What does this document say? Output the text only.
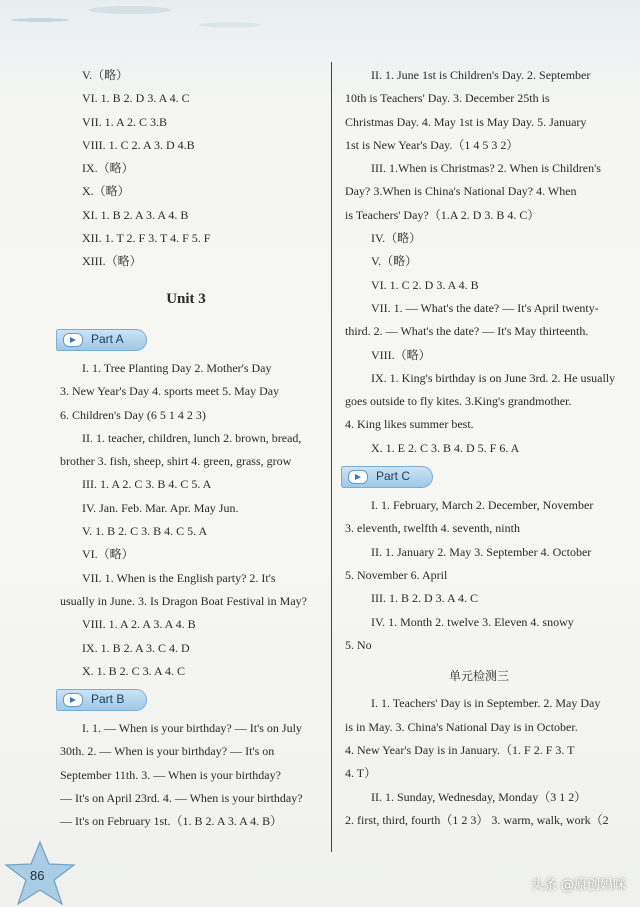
V.（略）
VI. 1. B 2. D 3. A 4. C
VII. 1. A 2. C 3.B
VIII. 1. C 2. A 3. D 4.B
IX.（略）
X.（略）
XI. 1. B 2. A 3. A 4. B
XII. 1. T 2. F 3. T 4. F 5. F
XIII.（略）
Unit 3
Part A
I. 1. Tree Planting Day 2. Mother's Day
3. New Year's Day 4. sports meet 5. May Day
6. Children's Day (6 5 1 4 2 3)
II. 1. teacher, children, lunch 2. brown, bread,
brother 3. fish, sheep, shirt 4. green, grass, grow
III. 1. A 2. C 3. B 4. C 5. A
IV. Jan. Feb. Mar. Apr. May Jun.
V. 1. B 2. C 3. B 4. C 5. A
VI.（略）
VII. 1. When is the English party? 2. It's
usually in June. 3. Is Dragon Boat Festival in May?
VIII. 1. A 2. A 3. A 4. B
IX. 1. B 2. A 3. C 4. D
X. 1. B 2. C 3. A 4. C
Part B
I. 1. — When is your birthday? — It's on July
30th. 2. — When is your birthday? — It's on
September 11th. 3. — When is your birthday?
— It's on April 23rd. 4. — When is your birthday?
— It's on February 1st.（1. B 2. A 3. A 4. B）
II. 1. June 1st is Children's Day. 2. September
10th is Teachers' Day. 3. December 25th is
Christmas Day. 4. May 1st is May Day. 5. January
1st is New Year's Day.（1 4 5 3 2）
III. 1.When is Christmas? 2. When is Children's
Day? 3.When is China's National Day? 4. When
is Teachers' Day?（1.A 2. D 3. B 4. C）
IV.（略）
V.（略）
VI. 1. C 2. D 3. A 4. B
VII. 1. — What's the date? — It's April twenty-
third. 2. — What's the date? — It's May thirteenth.
VIII.（略）
IX. 1. King's birthday is on June 3rd. 2. He usually
goes outside to fly kites. 3.King's grandmother.
4. King likes summer best.
X. 1. E 2. C 3. B 4. D 5. F 6. A
Part C
I. 1. February, March 2. December, November
3. eleventh, twelfth 4. seventh, ninth
II. 1. January 2. May 3. September 4. October
5. November 6. April
III. 1. B 2. D 3. A 4. C
IV. 1. Month 2. twelve 3. Eleven 4. snowy
5. No
单元检测三
I. 1. Teachers' Day is in September. 2. May Day
is in May. 3. China's National Day is in October.
4. New Year's Day is in January.（1. F 2. F 3. T
4. T）
II. 1. Sunday, Wednesday, Monday（3 1 2）
2. first, third, fourth（1 2 3） 3. warm, walk, work（2
86
头条 @原创妈咪
